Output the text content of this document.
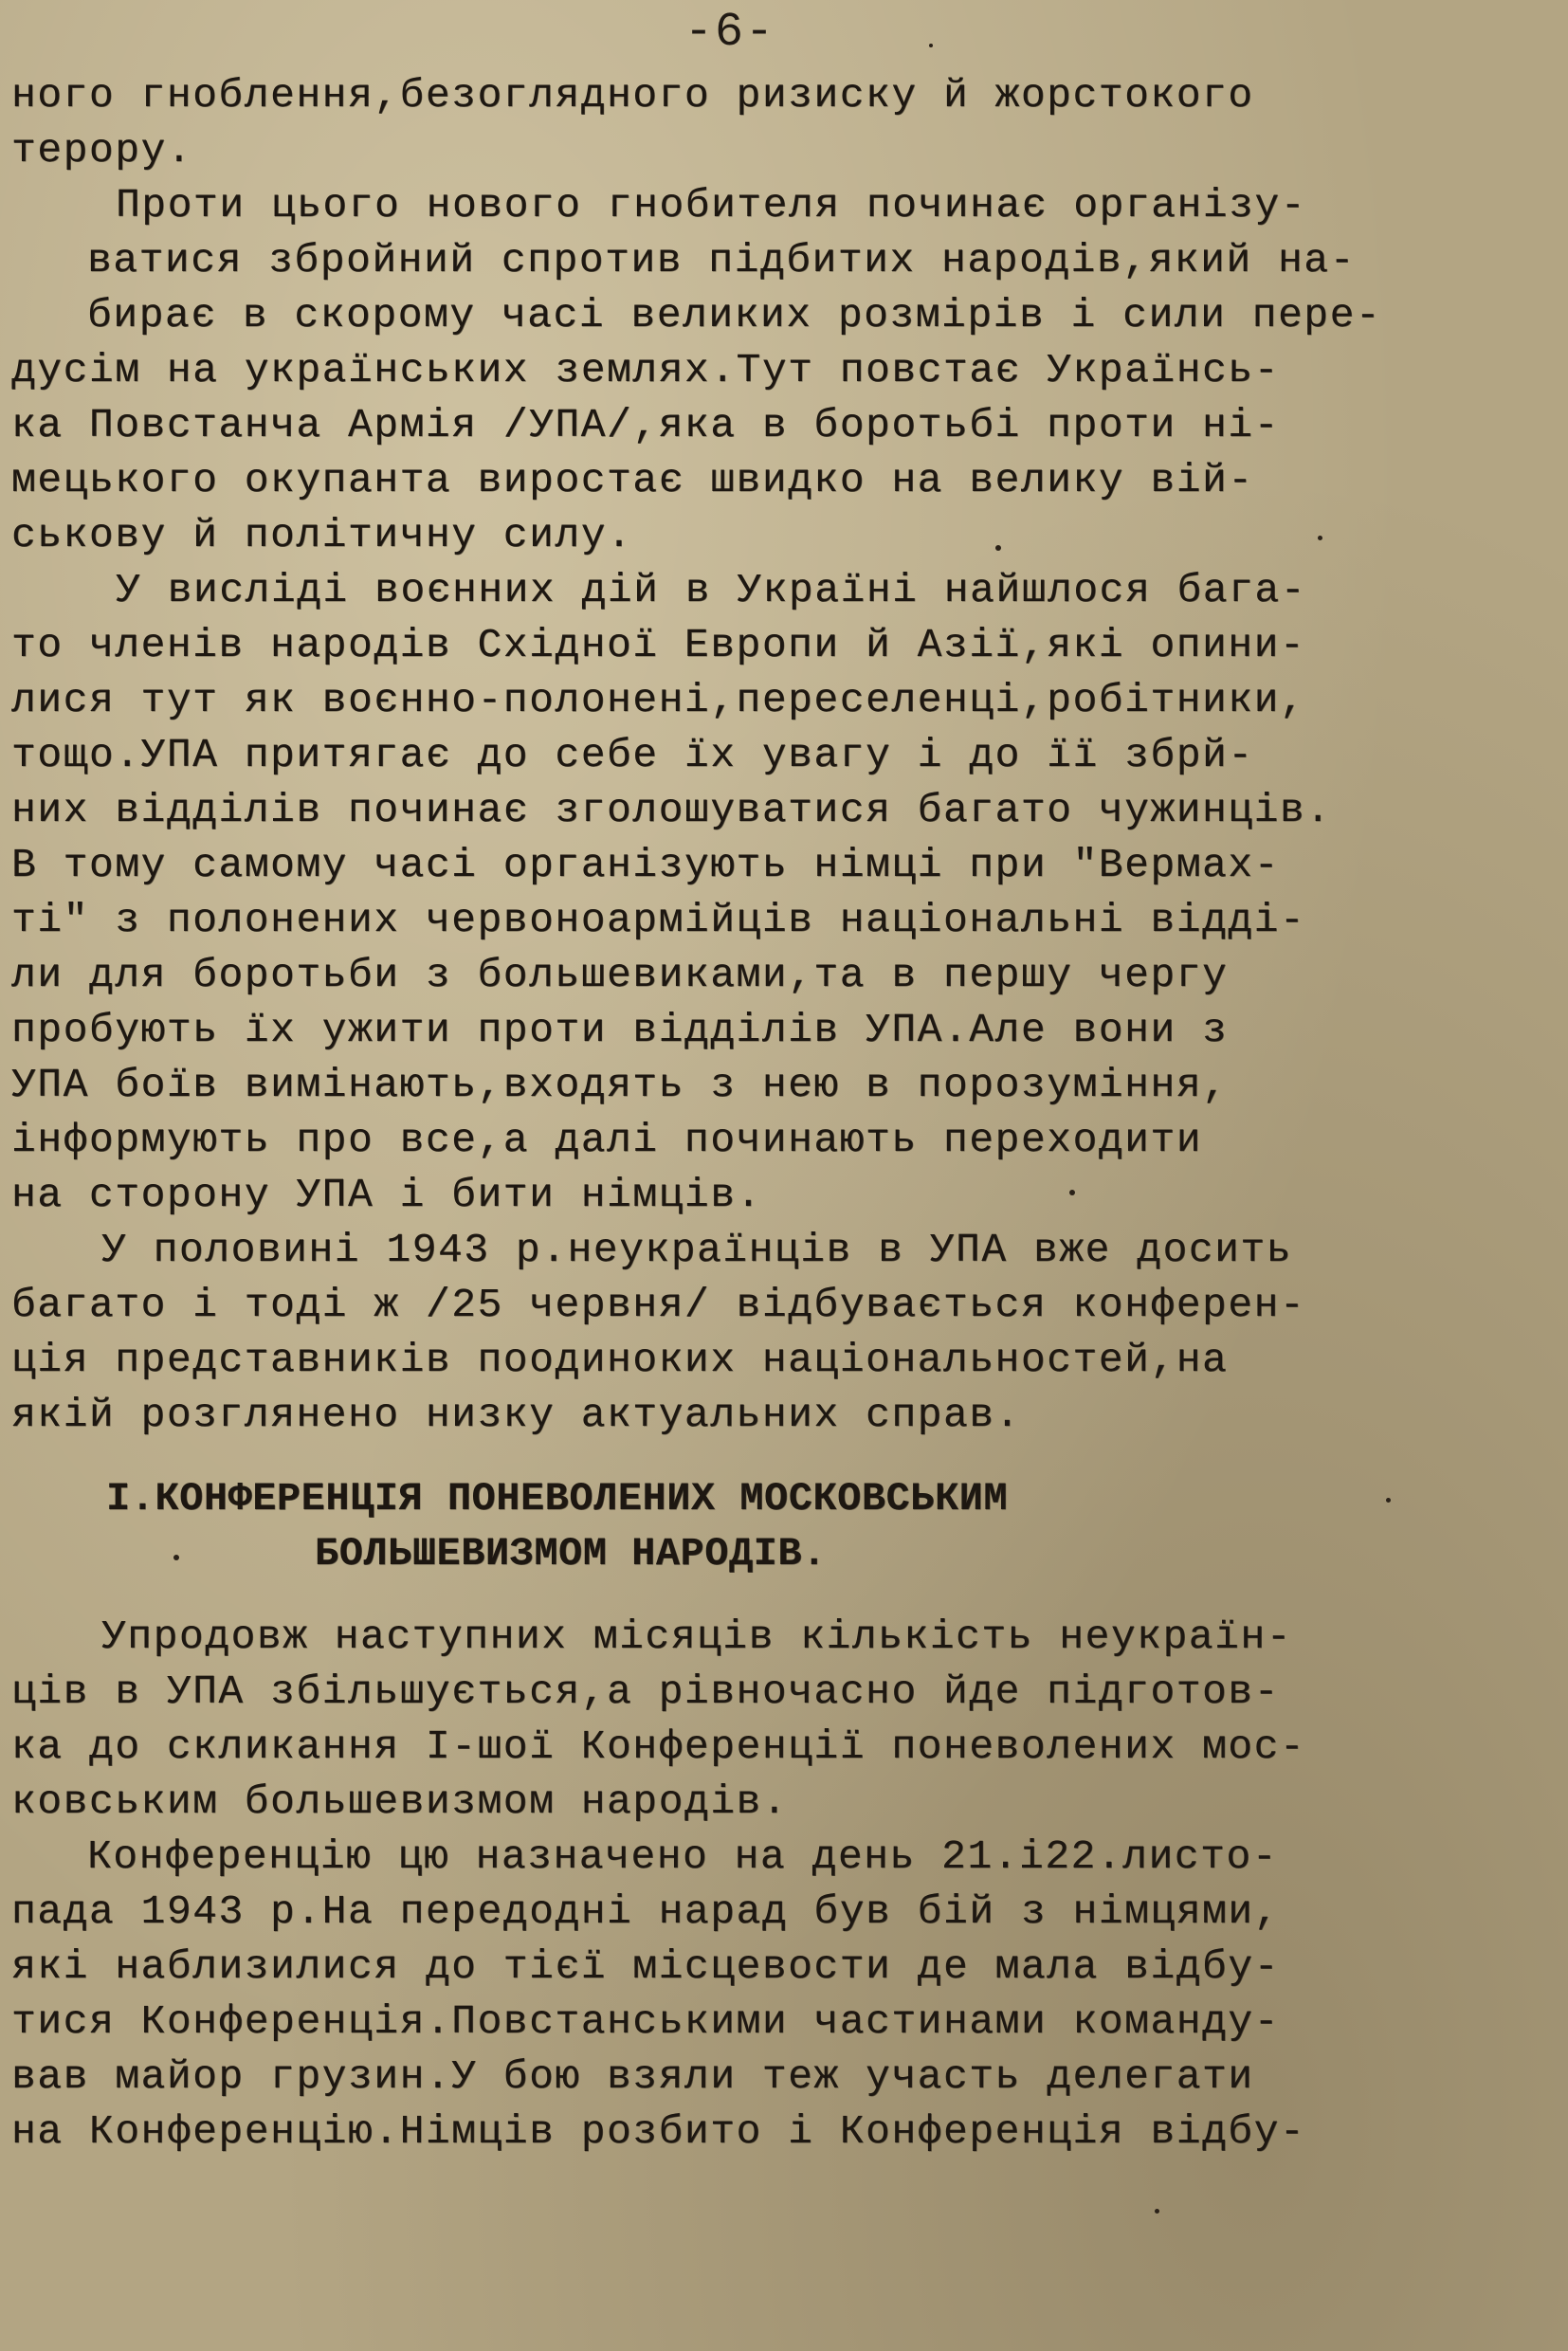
-6-
ного гноблення,безоглядного ризиску й жорстокого
терору.
Проти цього нового гнобителя починає організу-
ватися збройний спротив підбитих народів,який на-
бирає в скорому часі великих розмірів і сили пере-
дусім на українських землях.Тут повстає Українсь-
ка Повстанча Армія /УПА/,яка в боротьбі проти ні-
мецького окупанта виростає швидко на велику вій-
ськову й політичну силу.
У висліді воєнних дій в Україні найшлося бага-
то членів народів Східної Европи й Азії,які опини-
лися тут як воєнно-полонені,переселенці,робітники,
тощо.УПА притягає до себе їх увагу і до її збрй-
них відділів починає зголошуватися багато чужинців.
В тому самому часі організують німці при "Вермах-
ті" з полонених червоноармійців національні відді-
ли для боротьби з большевиками,та в першу чергу
пробують їх ужити проти відділів УПА.Але вони з
УПА боїв вимінають,входять з нею в порозуміння,
інформують про все,а далі починають переходити
на сторону УПА і бити німців.
У половині 1943 р.неукраїнців в УПА вже досить
багато і тоді ж /25 червня/ відбувається конферен-
ція представників поодиноких національностей,на
якій розглянено низку актуальних справ.
І.КОНФЕРЕНЦІЯ ПОНЕВОЛЕНИХ МОСКОВСЬКИМ
БОЛЬШЕВИЗМОМ НАРОДІВ.
Упродовж наступних місяців кількість неукраїн-
ців в УПА збільшується,а рівночасно йде підготов-
ка до скликання І-шої Конференції поневолених мос-
ковським большевизмом народів.
Конференцію цю назначено на день 21.і22.листо-
пада 1943 р.На передодні нарад був бій з німцями,
які наблизилися до тієї місцевости де мала відбу-
тися Конференція.Повстанськими частинами команду-
вав майор грузин.У бою взяли теж участь делегати
на Конференцію.Німців розбито і Конференція відбу-
